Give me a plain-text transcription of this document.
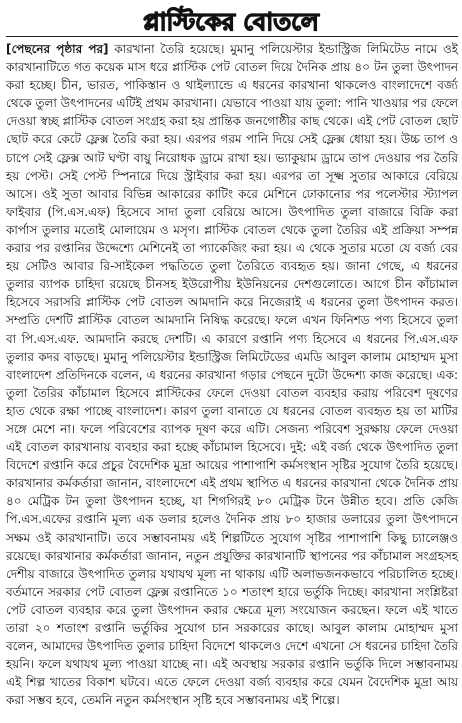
প্লাস্টিকের বোতলে
[পেছনের পৃষ্ঠার পর] কারখানা তৈরি হয়েছে। মুমানু পলিয়েস্টার ইন্ডাস্ট্রিজ লিমিটেড নামে ওই কারখানাটিতে গত কয়েক মাস ধরে প্লাস্টিক পেট বোতল দিয়ে দৈনিক প্রায় ৪০ টন তুলা উৎপাদন করা হচ্ছে। চীন, ভারত, পাকিস্তান ও থাইল্যান্ডে এ ধরনের কারখানা থাকলেও বাংলাদেশে বর্জ্য থেকে তুলা উৎপাদনের এটিই প্রথম কারখানা। যেভাবে পাওয়া যায় তুলা: পানি খাওয়ার পর ফেলে দেওয়া স্বচ্ছ প্লাস্টিক বোতল সংগ্রহ করা হয় প্রান্তিক জনগোষ্ঠীর কাছ থেকে। এই পেট বোতল ছোট ছোট করে কেটে ফ্লেক্স তৈরি করা হয়। এরপর গরম পানি দিয়ে সেই ফ্লেক্স ধোয়া হয়। উচ্চ তাপ ও চাপে সেই ফ্লেক্স আট ঘণ্টা বায়ু নিরোধক ড্রামে রাখা হয়। ভ্যাকুয়াম ড্রামে তাপ দেওয়ার পর তৈরি হয় পেস্ট। সেই পেস্ট স্পিনারে দিয়ে স্ট্রাইবার করা হয়। এরপর তা সূক্ষ্ম সুতার আকারে বেরিয়ে আসে। ওই সুতা আবার বিভিন্ন আকারের কাটিং করে মেশিনে ঢোকানোর পর পলেস্টার স্ট্যাপল ফাইবার (পি.এস.এফ) হিসেবে সাদা তুলা বেরিয়ে আসে। উৎপাদিত তুলা বাজারে বিক্রি করা কার্পাস তুলার মতোই মোলায়েম ও মসৃণ। প্লাস্টিক বোতল থেকে তুলা তৈরির এই প্রক্রিয়া সম্পন্ন করার পর রপ্তানির উদ্দেশ্যে মেশিনেই তা প্যাকেজিং করা হয়। এ থেকে সুতার মতো যে বর্জ্য বের হয় সেটিও আবার রি-সাইকেল পদ্ধতিতে তুলা তৈরিতে ব্যবহৃত হয়। জানা গেছে, এ ধরনের তুলার ব্যাপক চাহিদা রয়েছে চীনসহ ইউরোপীয় ইউনিয়নের দেশগুলোতে। আগে চীন কাঁচামাল হিসেবে সরাসরি প্লাস্টিক পেট বোতল আমদানি করে নিজেরাই এ ধরনের তুলা উৎপাদন করত। সম্প্রতি দেশটি প্লাস্টিক বোতল আমদানি নিষিদ্ধ করেছে। ফলে এখন ফিনিশড পণ্য হিসেবে তুলা বা পি.এস.এফ. আমদানি করছে দেশটি। এ কারণে রপ্তানি পণ্য হিসেবে এ ধরনের পি.এস.এফ তুলার কদর বাড়ছে। মুমানু পলিয়েস্টার ইন্ডাস্ট্রিজ লিমিটেডের এমডি আবুল কালাম মোহাম্মদ মুসা বাংলাদেশ প্রতিদিনকে বলেন, এ ধরনের কারখানা গড়ার পেছনে দুটো উদ্দেশ্য কাজ করেছে। এক: তুলা তৈরির কাঁচামাল হিসেবে প্লাস্টিকের ফেলে দেওয়া বোতল ব্যবহার করায় পরিবেশ দূষণের হাত থেকে রক্ষা পাচ্ছে বাংলাদেশ। কারণ তুলা বানাতে যে ধরনের বোতল ব্যবহৃত হয় তা মাটির সঙ্গে মেশে না। ফলে পরিবেশের ব্যাপক দূষণ করে এটি। সেজন্য পরিবেশ সুরক্ষায় ফেলে দেওয়া এই বোতল কারখানায় ব্যবহার করা হচ্ছে কাঁচামাল হিসেবে। দুই: এই বর্জ্য থেকে উৎপাদিত তুলা বিদেশে রপ্তানি করে প্রচুর বৈদেশিক মুদ্রা আয়ের পাশাপাশি কর্মসংস্থান সৃষ্টির সুযোগ তৈরি হয়েছে। কারখানার কর্মকর্তারা জানান, বাংলাদেশে এই প্রথম স্থাপিত এ ধরনের কারখানা থেকে দৈনিক প্রায় ৪০ মেট্রিক টন তুলা উৎপাদন হচ্ছে, যা শিগগিরই ৮০ মেট্রিক টনে উন্নীত হবে। প্রতি কেজি পি.এস.এফের রপ্তানি মূল্য এক ডলার হলেও দৈনিক প্রায় ৮০ হাজার ডলারের তুলা উৎপাদনে সক্ষম ওই কারখানাটি। তবে সম্ভাবনাময় এই শিল্পটিতে সুযোগ সৃষ্টির পাশাপাশি কিছু চ্যালেঞ্জও রয়েছে। কারখানার কর্মকর্তারা জানান, নতুন প্রযুক্তির কারখানাটি স্থাপনের পর কাঁচামাল সংগ্রহসহ দেশীয় বাজারে উৎপাদিত তুলার যথাযথ মূল্য না থাকায় এটি অলাভজনকভাবে পরিচালিত হচ্ছে। বর্তমানে সরকার পেট বোতল ফ্লেক্স রপ্তানিতে ১০ শতাংশ হারে ভর্তুকি দিচ্ছে। কারখানা সংশ্লিষ্টরা পেট বোতল ব্যবহার করে তুলা উৎপাদন করার ক্ষেত্রে মূল্য সংযোজন করছেন। ফলে এই খাতে তারা ২০ শতাংশ রপ্তানি ভর্তুকির সুযোগ চান সরকারের কাছে। আবুল কালাম মোহাম্মদ মুসা বলেন, আমাদের উৎপাদিত তুলার চাহিদা বিদেশে থাকলেও দেশে এখনো সে ধরনের চাহিদা তৈরি হয়নি। ফলে যথাযথ মূল্য পাওয়া যাচ্ছে না। এই অবস্থায় সরকার রপ্তানি ভর্তুকি দিলে সম্ভাবনাময় এই শিল্প খাতের বিকাশ ঘটবে। এতে ফেলে দেওয়া বর্জ্য ব্যবহার করে যেমন বৈদেশিক মুদ্রা আয় করা সম্ভব হবে, তেমনি নতুন কর্মসংস্থান সৃষ্টি হবে সম্ভাবনাময় এই শিল্পে।
